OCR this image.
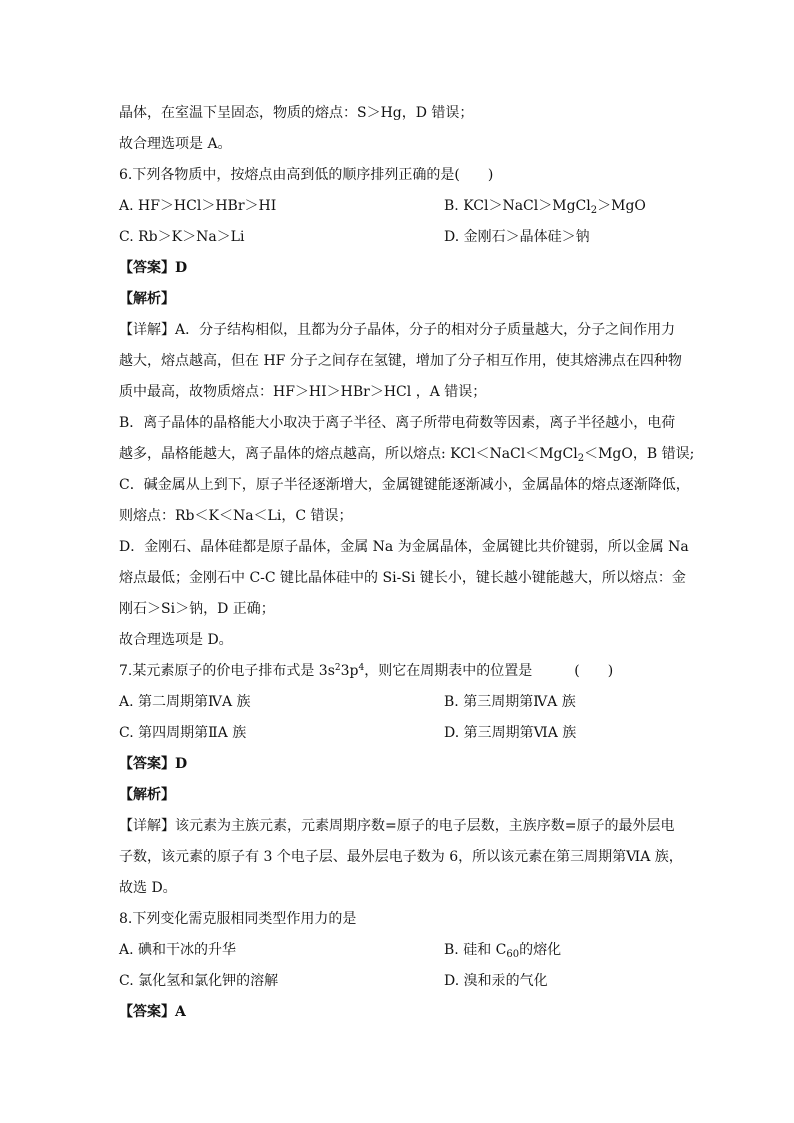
晶体，在室温下呈固态，物质的熔点：S＞Hg，D 错误；
故合理选项是 A。
6.下列各物质中，按熔点由高到低的顺序排列正确的是(　　)
A. HF＞HCl＞HBr＞HI	B. KCl＞NaCl＞MgCl$_2$＞MgO
C. Rb＞K＞Na＞Li	D. 金刚石＞晶体硅＞钠
【答案】D
【解析】
【详解】A．分子结构相似，且都为分子晶体，分子的相对分子质量越大，分子之间作用力
越大，熔点越高，但在 HF 分子之间存在氢键，增加了分子相互作用，使其熔沸点在四种物
质中最高，故物质熔点：HF＞HI＞HBr＞HCl ，A 错误；
B．离子晶体的晶格能大小取决于离子半径、离子所带电荷数等因素，离子半径越小，电荷
越多，晶格能越大，离子晶体的熔点越高，所以熔点: KCl＜NaCl＜MgCl$_2$＜MgO，B 错误;
C．碱金属从上到下，原子半径逐渐增大，金属键键能逐渐减小，金属晶体的熔点逐渐降低，
则熔点：Rb＜K＜Na＜Li，C 错误；
D．金刚石、晶体硅都是原子晶体，金属 Na 为金属晶体，金属键比共价键弱，所以金属 Na
熔点最低；金刚石中 C-C 键比晶体硅中的 Si-Si 键长小，键长越小键能越大，所以熔点：金
刚石＞Si＞钠，D 正确；
故合理选项是 D。
7.某元素原子的价电子排布式是 $3s^23p^4$，则它在周期表中的位置是　　　(　　)
A. 第二周期第ⅣA 族	B. 第三周期第ⅣA 族
C. 第四周期第ⅡA 族	D. 第三周期第ⅥA 族
【答案】D
【解析】
【详解】该元素为主族元素，元素周期序数=原子的电子层数，主族序数=原子的最外层电
子数，该元素的原子有 3 个电子层、最外层电子数为 6，所以该元素在第三周期第ⅥA 族，
故选 D。
8.下列变化需克服相同类型作用力的是
A. 碘和干冰的升华	B. 硅和 $C_{60}$的熔化
C. 氯化氢和氯化钾的溶解	D. 溴和汞的气化
【答案】A
